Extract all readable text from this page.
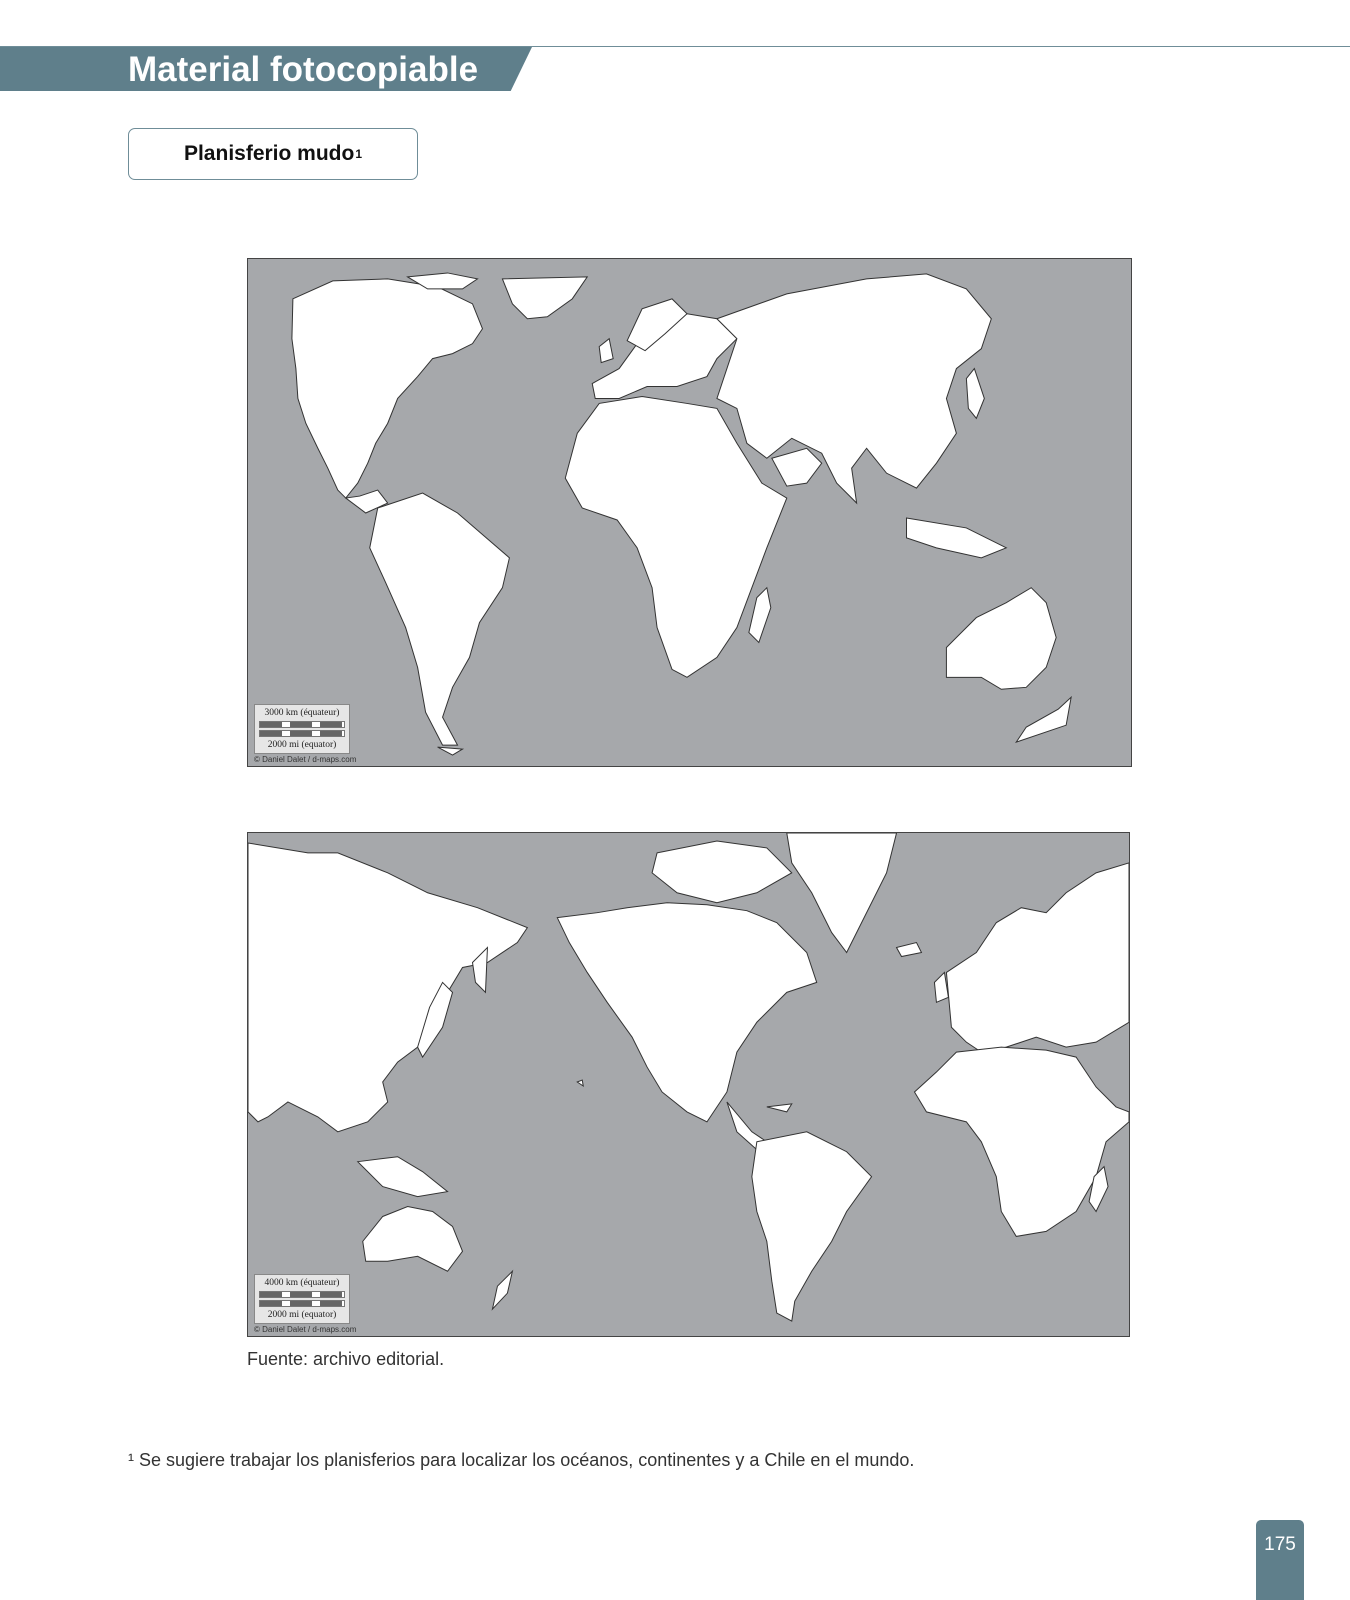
Material fotocopiable
Planisferio mudo 1
3000 km (équateur)
2000 mi (equator)
© Daniel Dalet / d-maps.com
4000 km (équateur)
2000 mi (equator)
© Daniel Dalet / d-maps.com
Fuente: archivo editorial.
¹ Se sugiere trabajar los planisferios para localizar los océanos, continentes y a Chile en el mundo.
175
